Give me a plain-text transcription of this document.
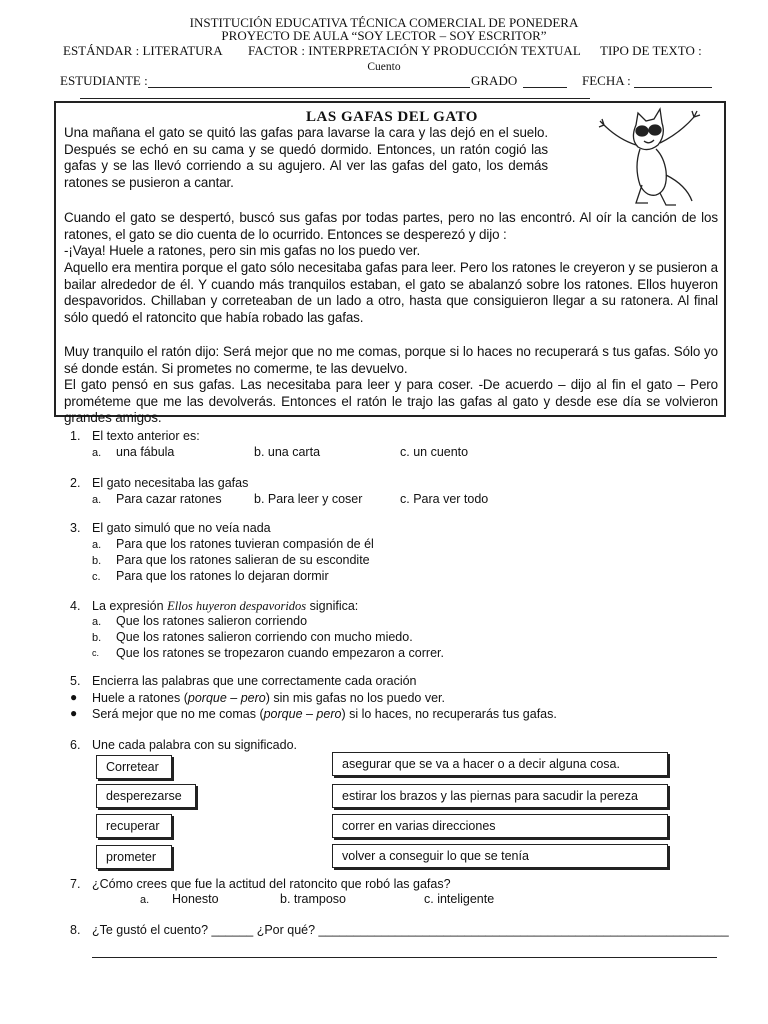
INSTITUCIÓN EDUCATIVA TÉCNICA COMERCIAL DE PONEDERA
PROYECTO DE AULA “SOY LECTOR – SOY ESCRITOR”
ESTÁNDAR : LITERATURA FACTOR : INTERPRETACIÓN Y PRODUCCIÓN TEXTUAL TIPO DE TEXTO :
Cuento
ESTUDIANTE :	GRADO	FECHA :
LAS GAFAS DEL GATO
Una mañana el gato se quitó las gafas para lavarse la cara y las dejó en el suelo. Después se echó en su cama y se quedó dormido. Entonces, un ratón cogió las gafas y se las llevó corriendo a su agujero. Al ver las gafas del gato, los demás ratones se pusieron a cantar.
Cuando el gato se despertó, buscó sus gafas por todas partes, pero no las encontró. Al oír la canción de los ratones, el gato se dio cuenta de lo ocurrido. Entonces se desperezó y dijo :
-¡Vaya! Huele a ratones, pero sin mis gafas no los puedo ver.
Aquello era mentira porque el gato sólo necesitaba gafas para leer. Pero los ratones le creyeron y se pusieron a bailar alrededor de él. Y cuando más tranquilos estaban, el gato se abalanzó sobre los ratones. Ellos huyeron despavoridos. Chillaban y correteaban de un lado a otro, hasta que consiguieron llegar a su ratonera. Al final sólo quedó el ratoncito que había robado las gafas.
Muy tranquilo el ratón dijo: Será mejor que no me comas, porque si lo haces no recuperará s tus gafas. Sólo yo sé donde están. Si prometes no comerme, te las devuelvo.
El gato pensó en sus gafas. Las necesitaba para leer y para coser. -De acuerdo – dijo al fin el gato – Pero prométeme que me las devolverás. Entonces el ratón le trajo las gafas al gato y desde ese día se volvieron grandes amigos.
1. El texto anterior es:
a. una fábula	b. una carta	c. un cuento
2. El gato necesitaba las gafas
a. Para cazar ratones	b. Para leer y coser	c. Para ver todo
3. El gato simuló que no veía nada
a. Para que los ratones tuvieran compasión de él
b. Para que los ratones salieran de su escondite
c. Para que los ratones lo dejaran dormir
4. La expresión Ellos huyeron despavoridos significa:
a. Que los ratones salieron corriendo
b. Que los ratones salieron corriendo con mucho miedo.
c. Que los ratones se tropezaron cuando empezaron a correr.
5. Encierra las palabras que une correctamente cada oración
● Huele a ratones (porque – pero) sin mis gafas no los puedo ver.
● Será mejor que no me comas (porque – pero) si lo haces, no recuperarás tus gafas.
6. Une cada palabra con su significado.
Corretear
desperezarse
recuperar
prometer
asegurar que se va a hacer o a decir alguna cosa.
estirar los brazos y las piernas para sacudir la pereza
correr en varias direcciones
volver a conseguir lo que se tenía
7. ¿Cómo crees que fue la actitud del ratoncito que robó las gafas?
a. Honesto	b. tramposo	c. inteligente
8. ¿Te gustó el cuento? ______ ¿Por qué? ___________________________________________________________
